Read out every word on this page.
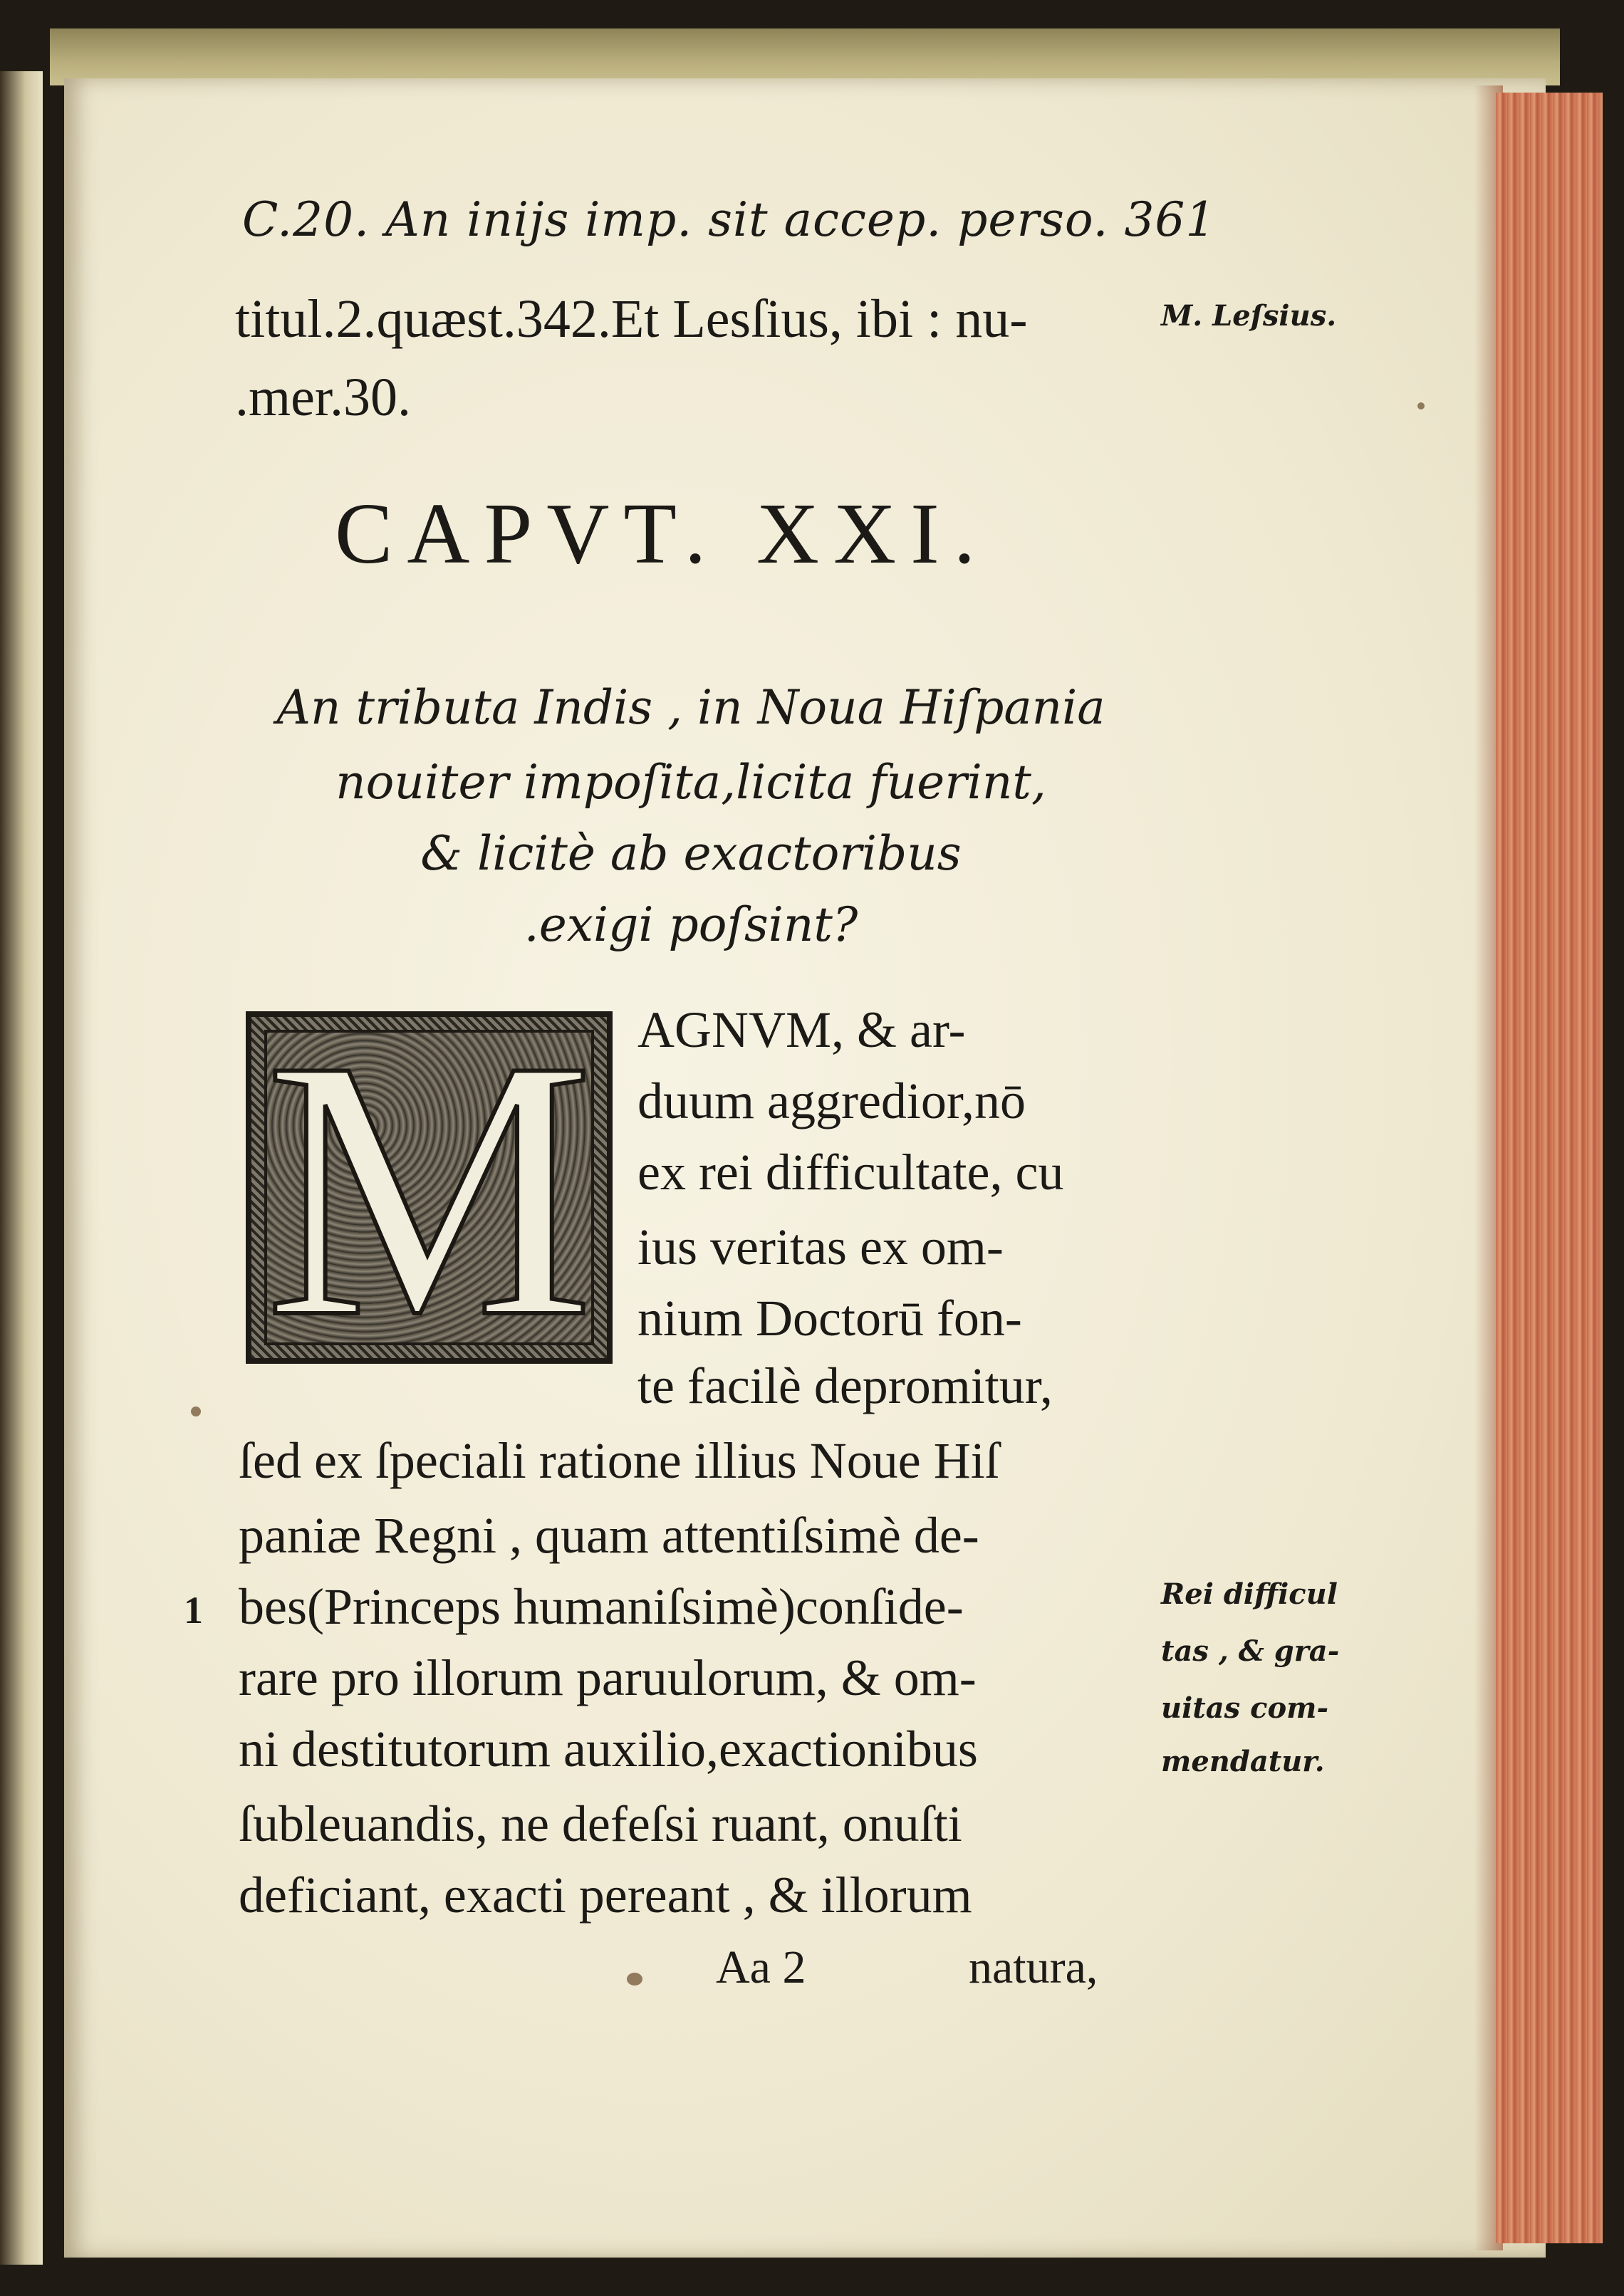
C.20. An inijs imp. sit accep. perso. 361
titul.2.quæst.342.Et Lesſius, ibi : nu-
.mer.30.
M. Leſsius.
CAPVT. XXI.
An tributa Indis , in Noua Hiſpania
nouiter impoſita,licita fuerint,
& licitè ab exactoribus
.exigi poſsint?
M AGNVM, & ar-
duum aggredior,nō
ex rei difficultate, cu
ius veritas ex om-
nium Doctorū fon-
te facilè depromitur,
ſed ex ſpeciali ratione illius Noue Hiſ
paniæ Regni , quam attentiſsimè de-
bes(Princeps humaniſsimè)conſide-
rare pro illorum paruulorum, & om-
ni destitutorum auxilio,exactionibus
ſubleuandis, ne defeſsi ruant, onuſti
deficiant, exacti pereant , & illorum
1	Rei difficul
tas , & gra-
uitas com-
mendatur.
Aa 2	natura,
